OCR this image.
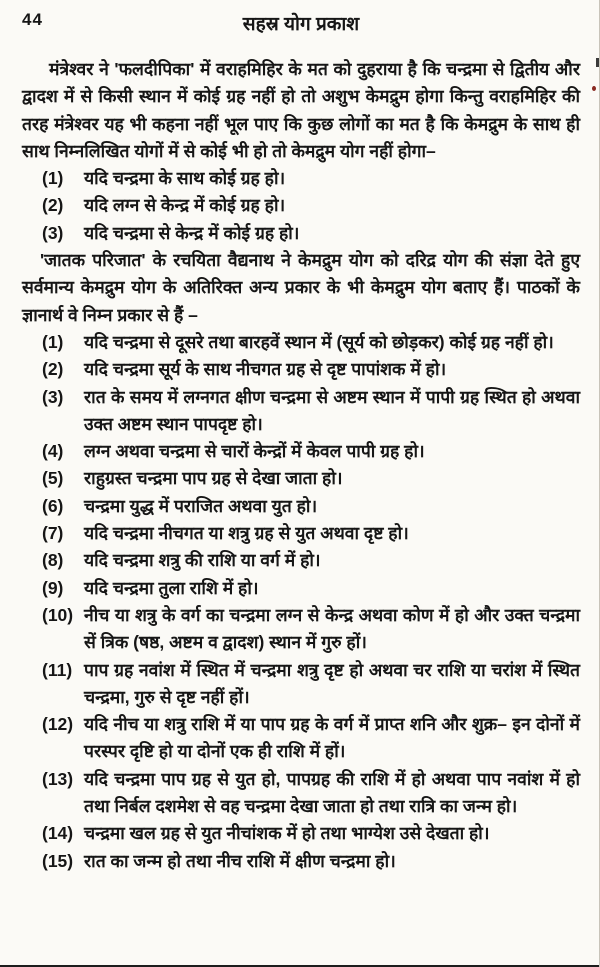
44	सहस्र योग प्रकाश

मंत्रेश्वर ने 'फलदीपिका' में वराहमिहिर के मत को दुहराया है कि चन्द्रमा से द्वितीय और द्वादश में से किसी स्थान में कोई ग्रह नहीं हो तो अशुभ केमद्रुम होगा किन्तु वराहमिहिर की तरह मंत्रेश्वर यह भी कहना नहीं भूल पाए कि कुछ लोगों का मत है कि केमद्रुम के साथ ही साथ निम्नलिखित योगों में से कोई भी हो तो केमद्रुम योग नहीं होगा–

(1)	यदि चन्द्रमा के साथ कोई ग्रह हो।
(2)	यदि लग्न से केन्द्र में कोई ग्रह हो।
(3)	यदि चन्द्रमा से केन्द्र में कोई ग्रह हो।

'जातक परिजात' के रचयिता वैद्यनाथ ने केमद्रुम योग को दरिद्र योग की संज्ञा देते हुए सर्वमान्य केमद्रुम योग के अतिरिक्त अन्य प्रकार के भी केमद्रुम योग बताए हैं। पाठकों के ज्ञानार्थ वे निम्न प्रकार से हैं –

(1)	यदि चन्द्रमा से दूसरे तथा बारहवें स्थान में (सूर्य को छोड़कर) कोई ग्रह नहीं हो।
(2)	यदि चन्द्रमा सूर्य के साथ नीचगत ग्रह से दृष्ट पापांशक में हो।
(3)	रात के समय में लग्नगत क्षीण चन्द्रमा से अष्टम स्थान में पापी ग्रह स्थित हो अथवा उक्त अष्टम स्थान पापदृष्ट हो।
(4)	लग्न अथवा चन्द्रमा से चारों केन्द्रों में केवल पापी ग्रह हो।
(5)	राहुग्रस्त चन्द्रमा पाप ग्रह से देखा जाता हो।
(6)	चन्द्रमा युद्ध में पराजित अथवा युत हो।
(7)	यदि चन्द्रमा नीचगत या शत्रु ग्रह से युत अथवा दृष्ट हो।
(8)	यदि चन्द्रमा शत्रु की राशि या वर्ग में हो।
(9)	यदि चन्द्रमा तुला राशि में हो।
(10) नीच या शत्रु के वर्ग का चन्द्रमा लग्न से केन्द्र अथवा कोण में हो और उक्त चन्द्रमा सें त्रिक (षष्ठ, अष्टम व द्वादश) स्थान में गुरु हों।
(11) पाप ग्रह नवांश में स्थित में चन्द्रमा शत्रु दृष्ट हो अथवा चर राशि या चरांश में स्थित चन्द्रमा, गुरु से दृष्ट नहीं हों।
(12) यदि नीच या शत्रु राशि में या पाप ग्रह के वर्ग में प्राप्त शनि और शुक्र– इन दोनों में परस्पर दृष्टि हो या दोनों एक ही राशि में हों।
(13) यदि चन्द्रमा पाप ग्रह से युत हो, पापग्रह की राशि में हो अथवा पाप नवांश में हो तथा निर्बल दशमेश से वह चन्द्रमा देखा जाता हो तथा रात्रि का जन्म हो।
(14) चन्द्रमा खल ग्रह से युत नीचांशक में हो तथा भाग्येश उसे देखता हो।
(15) रात का जन्म हो तथा नीच राशि में क्षीण चन्द्रमा हो।
